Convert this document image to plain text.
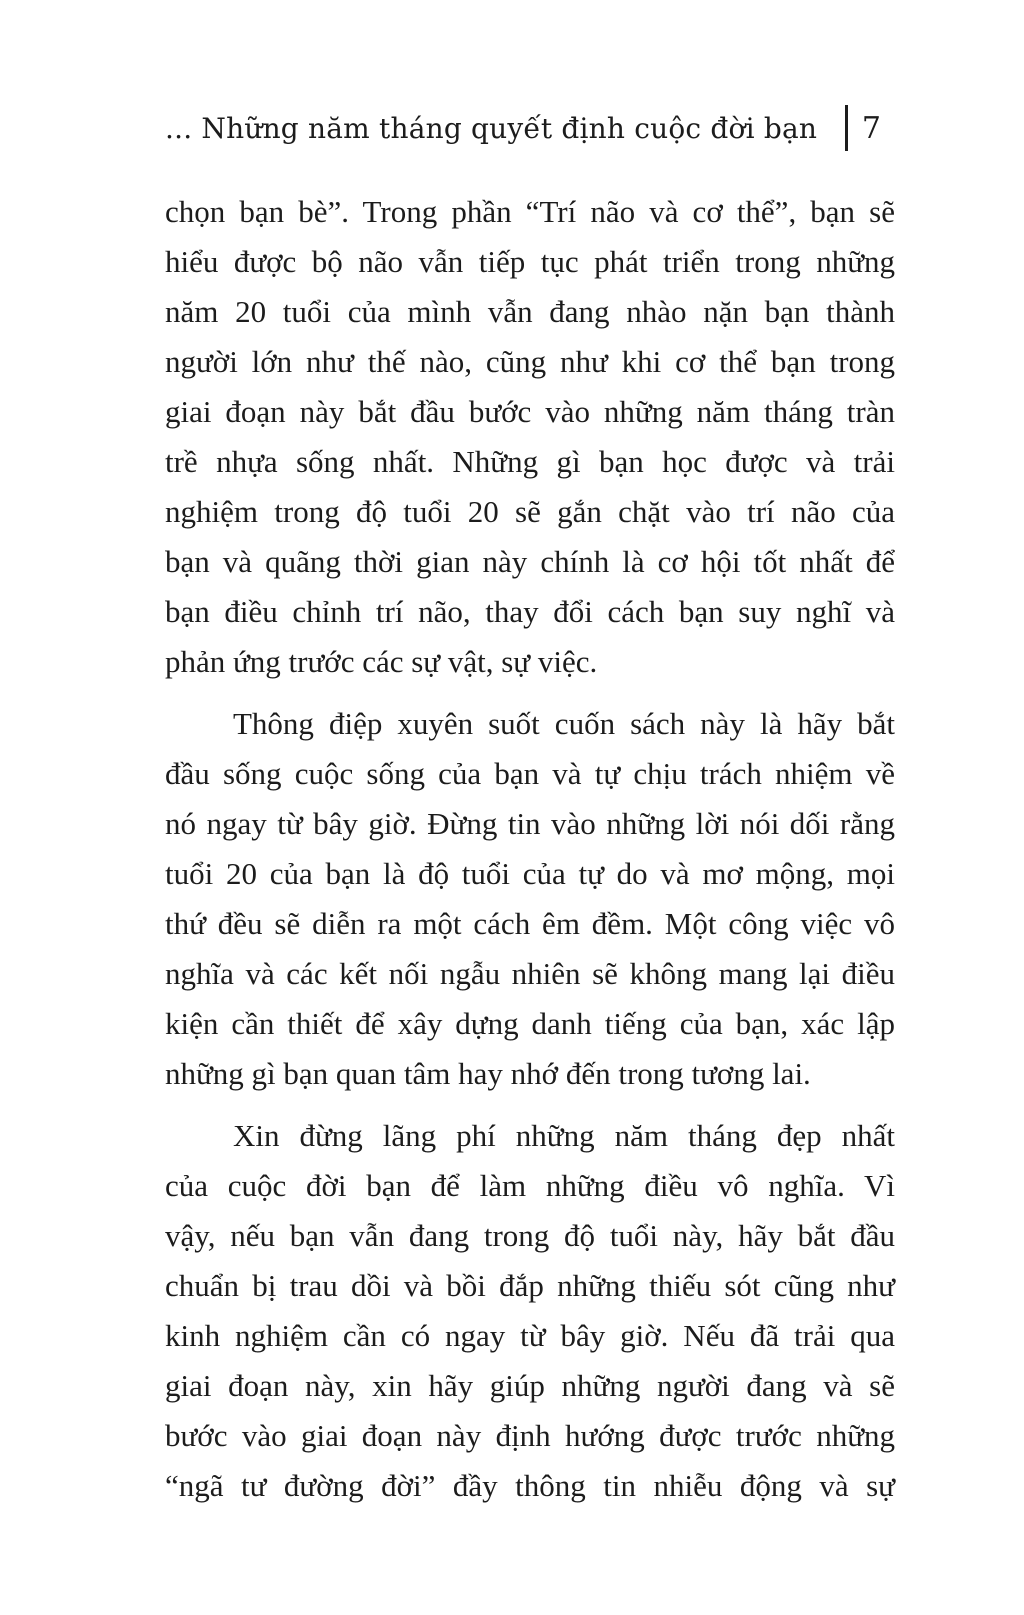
... Những năm tháng quyết định cuộc đời bạn	7
chọn bạn bè”. Trong phần “Trí não và cơ thể”, bạn sẽ
hiểu được bộ não vẫn tiếp tục phát triển trong những
năm 20 tuổi của mình vẫn đang nhào nặn bạn thành
người lớn như thế nào, cũng như khi cơ thể bạn trong
giai đoạn này bắt đầu bước vào những năm tháng tràn
trề nhựa sống nhất. Những gì bạn học được và trải
nghiệm trong độ tuổi 20 sẽ gắn chặt vào trí não của
bạn và quãng thời gian này chính là cơ hội tốt nhất để
bạn điều chỉnh trí não, thay đổi cách bạn suy nghĩ và
phản ứng trước các sự vật, sự việc.
Thông điệp xuyên suốt cuốn sách này là hãy bắt
đầu sống cuộc sống của bạn và tự chịu trách nhiệm về
nó ngay từ bây giờ. Đừng tin vào những lời nói dối rằng
tuổi 20 của bạn là độ tuổi của tự do và mơ mộng, mọi
thứ đều sẽ diễn ra một cách êm đềm. Một công việc vô
nghĩa và các kết nối ngẫu nhiên sẽ không mang lại điều
kiện cần thiết để xây dựng danh tiếng của bạn, xác lập
những gì bạn quan tâm hay nhớ đến trong tương lai.
Xin đừng lãng phí những năm tháng đẹp nhất
của cuộc đời bạn để làm những điều vô nghĩa. Vì
vậy, nếu bạn vẫn đang trong độ tuổi này, hãy bắt đầu
chuẩn bị trau dồi và bồi đắp những thiếu sót cũng như
kinh nghiệm cần có ngay từ bây giờ. Nếu đã trải qua
giai đoạn này, xin hãy giúp những người đang và sẽ
bước vào giai đoạn này định hướng được trước những
“ngã tư đường đời” đầy thông tin nhiễu động và sự
